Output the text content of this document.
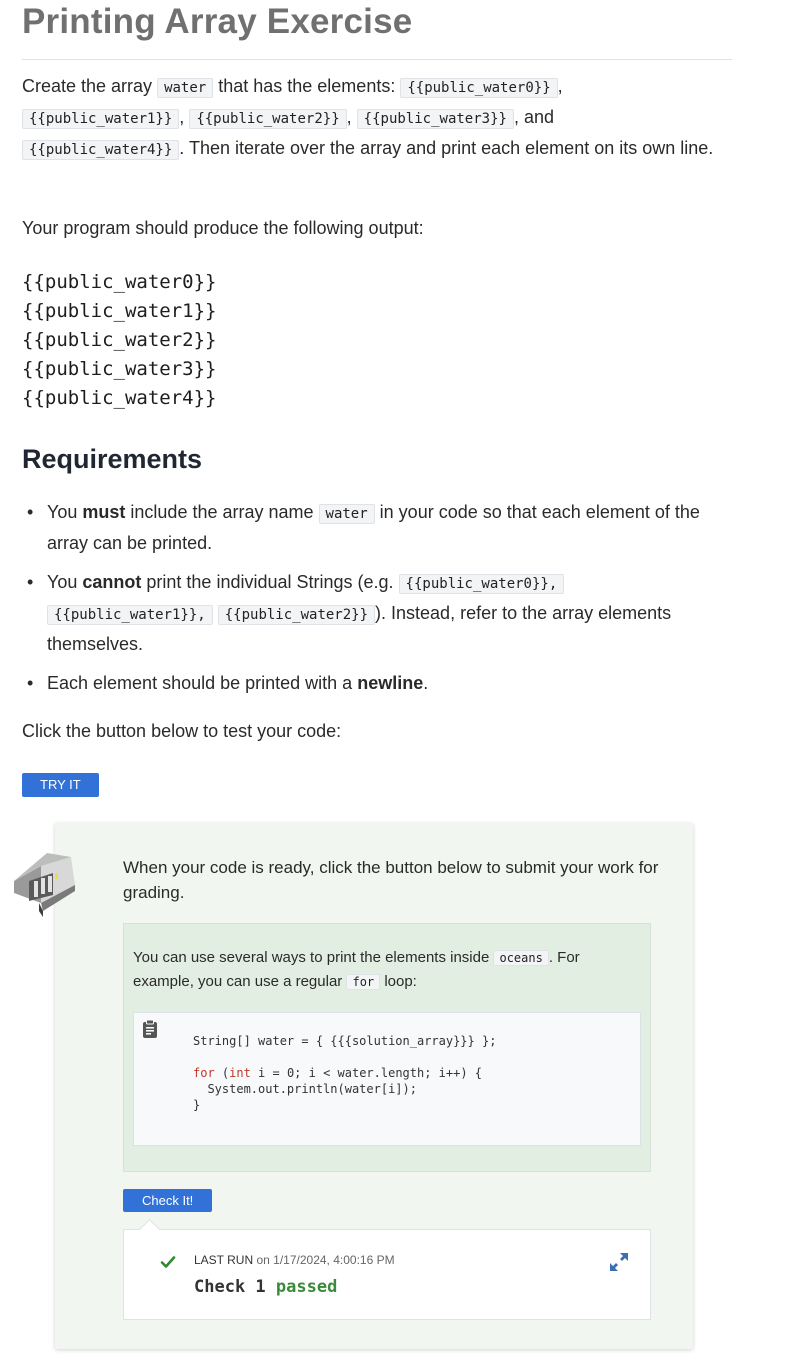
Printing Array Exercise

Create the array water that has the elements: {{public_water0}} ,
{{public_water1}} , {{public_water2}} , {{public_water3}} , and
{{public_water4}} . Then iterate over the array and print each element on its own line.

Your program should produce the following output:

{{public_water0}}
{{public_water1}}
{{public_water2}}
{{public_water3}}
{{public_water4}}
Requirements
• You must include the array name water in your code so that each element of the array can be printed.
• You cannot print the individual Strings (e.g. {{public_water0}},
{{public_water1}}, {{public_water2}} ). Instead, refer to the array elements themselves.
• Each element should be printed with a newline.

Click the button below to test your code:

TRY IT

When your code is ready, click the button below to submit your work for grading.

You can use several ways to print the elements inside oceans . For example, you can use a regular for loop:

String[] water = { {{{solution_array}}} };

for (int i = 0; i < water.length; i++) {
System.out.println(water[i]);
}
Check It!
LAST RUN on 1/17/2024, 4:00:16 PM
Check 1 passed
